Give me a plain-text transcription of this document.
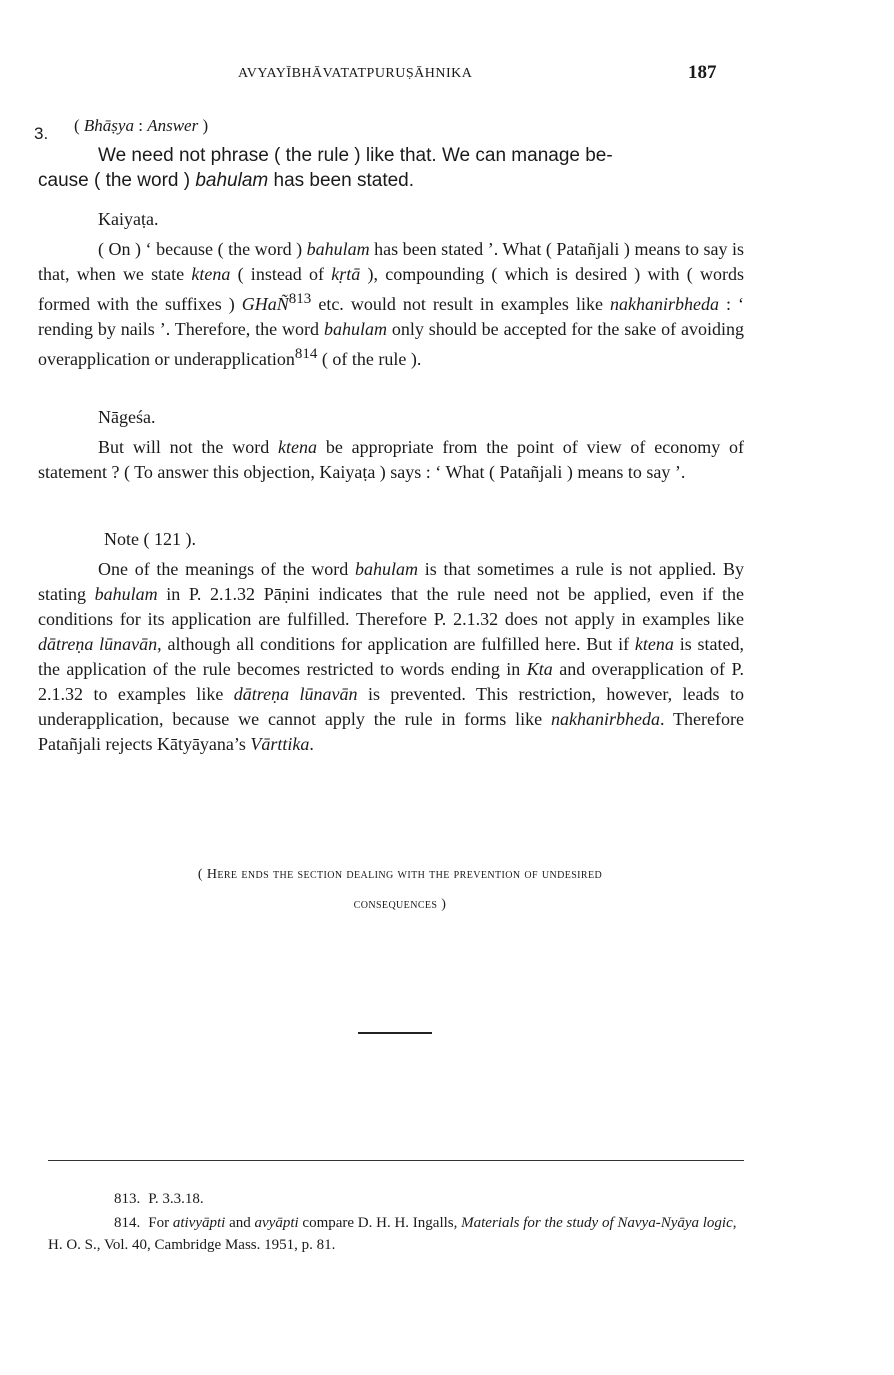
AVYAYĪBHĀVATATPURUṢĀHNIKA	187
3. ( Bhāṣya : Answer )
We need not phrase ( the rule ) like that. We can manage be-
cause ( the word ) bahulam has been stated.
Kaiyaṭa.
( On ) ‘ because ( the word ) bahulam has been stated ’. What ( Patañjali ) means to say is that, when we state ktena ( instead of kṛtā ), compounding ( which is desired ) with ( words formed with the suffixes ) GHaÑ$^{813}$ etc. would not result in examples like nakhanirbheda : ‘ rending by nails ’. Therefore, the word bahulam only should be accepted for the sake of avoiding overapplication or underapplication$^{814}$ ( of the rule ).
Nāgeśa.
But will not the word ktena be appropriate from the point of view of economy of statement ? ( To answer this objection, Kaiyaṭa ) says : ‘ What ( Patañjali ) means to say ’.
Note ( 121 ).
One of the meanings of the word bahulam is that sometimes a rule is not applied. By stating bahulam in P. 2.1.32 Pāṇini indicates that the rule need not be applied, even if the conditions for its application are fulfilled. Therefore P. 2.1.32 does not apply in examples like dātreṇa lūnavān, although all conditions for application are fulfilled here. But if ktena is stated, the application of the rule becomes restricted to words ending in Kta and overapplication of P. 2.1.32 to examples like dātreṇa lūnavān is prevented. This restriction, however, leads to underapplication, because we cannot apply the rule in forms like nakhanirbheda. Therefore Patañjali rejects Kātyāyana’s Vārttika.
( Here ends the section dealing with the prevention of undesired
consequences )
813. P. 3.3.18.
814. For ativyāpti and avyāpti compare D. H. H. Ingalls, Materials for the study of Navya-Nyāya logic, H. O. S., Vol. 40, Cambridge Mass. 1951, p. 81.
